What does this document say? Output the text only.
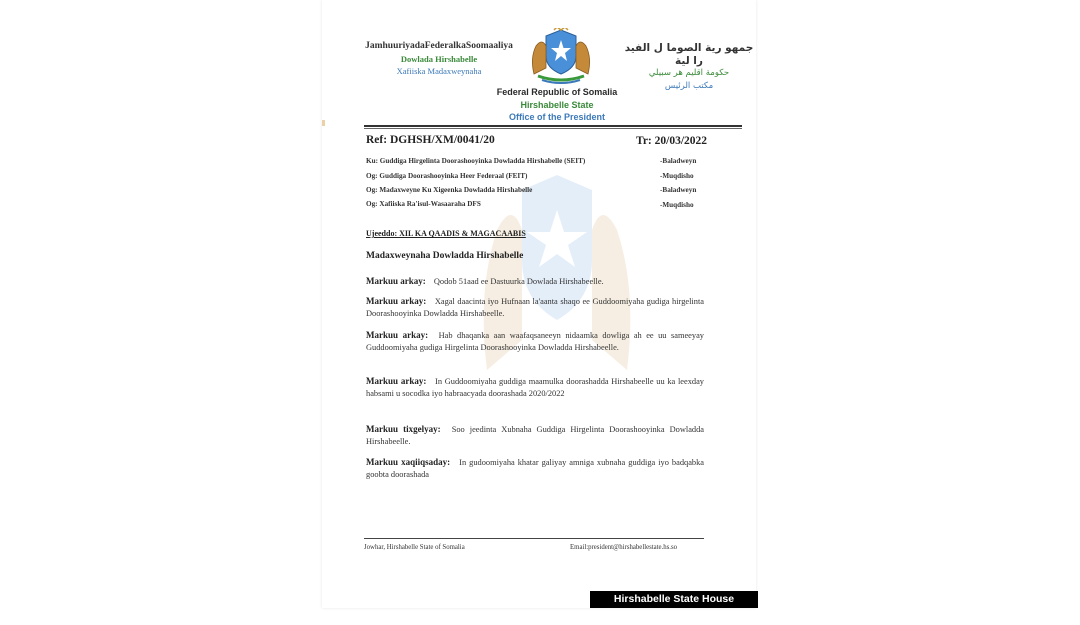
JamhuuriyadaFederalkaSoomaaliya
Dowlada Hirshabelle
Xafiiska Madaxweynaha
جمهو رية الصوما ل الفيد را لية
حكومة اقليم هر سبيلي
مكتب الرئيس
Federal Republic of Somalia
Hirshabelle State
Office of the President
Ref: DGHSH/XM/0041/20	Tr: 20/03/2022
Ku: Guddiga Hirgelinta Doorashooyinka Dowladda Hirshabelle (SEIT)	-Baladweyn
Og: Guddiga Doorashooyinka Heer Federaal (FEIT)	-Muqdisho
Og: Madaxweyne Ku Xigeenka Dowladda Hirshabelle	-Baladweyn
Og: Xafiiska Ra'isul-Wasaaraha DFS	-Muqdisho
Ujeeddo: XIL KA QAADIS & MAGACAABIS
Madaxweynaha Dowladda Hirshabelle
Markuu arkay: Qodob 51aad ee Dastuurka Dowlada Hirshabeelle.
Markuu arkay: Xagal daacinta iyo Hufnaan la'aanta shaqo ee Guddoomiyaha gudiga hirgelinta Doorashooyinka Dowladda Hirshabeelle.
Markuu arkay: Hab dhaqanka aan waafaqsaneeyn nidaamka dowliga ah ee uu sameeyay Guddoomiyaha gudiga Hirgelinta Doorashooyinka Dowladda Hirshabeelle.
Markuu arkay: In Guddoomiyaha guddiga maamulka doorashadda Hirshabeelle uu ka leexday habsami u socodka iyo habraacyada doorashada 2020/2022
Markuu tixgelyay: Soo jeedinta Xubnaha Guddiga Hirgelinta Doorashooyinka Dowladda Hirshabeelle.
Markuu xaqiiqsaday: In gudoomiyaha khatar galiyay amniga xubnaha guddiga iyo badqabka goobta doorashada
Jowhar, Hirshabelle State of Somalia	Email:president@hirshabellestate.hs.so
Hirshabelle State House (Facebook)
